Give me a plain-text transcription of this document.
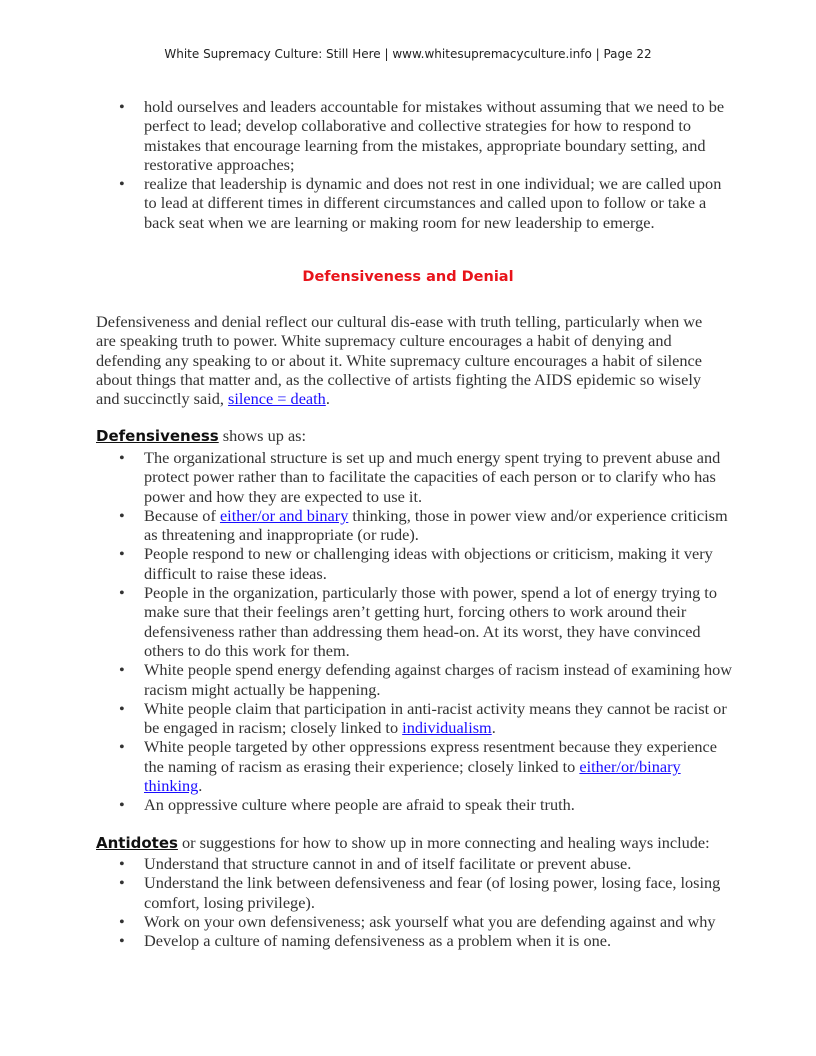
White Supremacy Culture: Still Here | www.whitesupremacyculture.info | Page 22
• hold ourselves and leaders accountable for mistakes without assuming that we need to be perfect to lead; develop collaborative and collective strategies for how to respond to mistakes that encourage learning from the mistakes, appropriate boundary setting, and restorative approaches;
• realize that leadership is dynamic and does not rest in one individual; we are called upon to lead at different times in different circumstances and called upon to follow or take a back seat when we are learning or making room for new leadership to emerge.
Defensiveness and Denial

Defensiveness and denial reflect our cultural dis-ease with truth telling, particularly when we are speaking truth to power. White supremacy culture encourages a habit of denying and defending any speaking to or about it. White supremacy culture encourages a habit of silence about things that matter and, as the collective of artists fighting the AIDS epidemic so wisely and succinctly said, silence = death.

Defensiveness shows up as:
• The organizational structure is set up and much energy spent trying to prevent abuse and protect power rather than to facilitate the capacities of each person or to clarify who has power and how they are expected to use it.
• Because of either/or and binary thinking, those in power view and/or experience criticism as threatening and inappropriate (or rude).
• People respond to new or challenging ideas with objections or criticism, making it very difficult to raise these ideas.
• People in the organization, particularly those with power, spend a lot of energy trying to make sure that their feelings aren’t getting hurt, forcing others to work around their defensiveness rather than addressing them head-on. At its worst, they have convinced others to do this work for them.
• White people spend energy defending against charges of racism instead of examining how racism might actually be happening.
• White people claim that participation in anti-racist activity means they cannot be racist or be engaged in racism; closely linked to individualism.
• White people targeted by other oppressions express resentment because they experience the naming of racism as erasing their experience; closely linked to either/or/binary thinking.
• An oppressive culture where people are afraid to speak their truth.
Antidotes or suggestions for how to show up in more connecting and healing ways include:
• Understand that structure cannot in and of itself facilitate or prevent abuse.
• Understand the link between defensiveness and fear (of losing power, losing face, losing comfort, losing privilege).
• Work on your own defensiveness; ask yourself what you are defending against and why
• Develop a culture of naming defensiveness as a problem when it is one.
